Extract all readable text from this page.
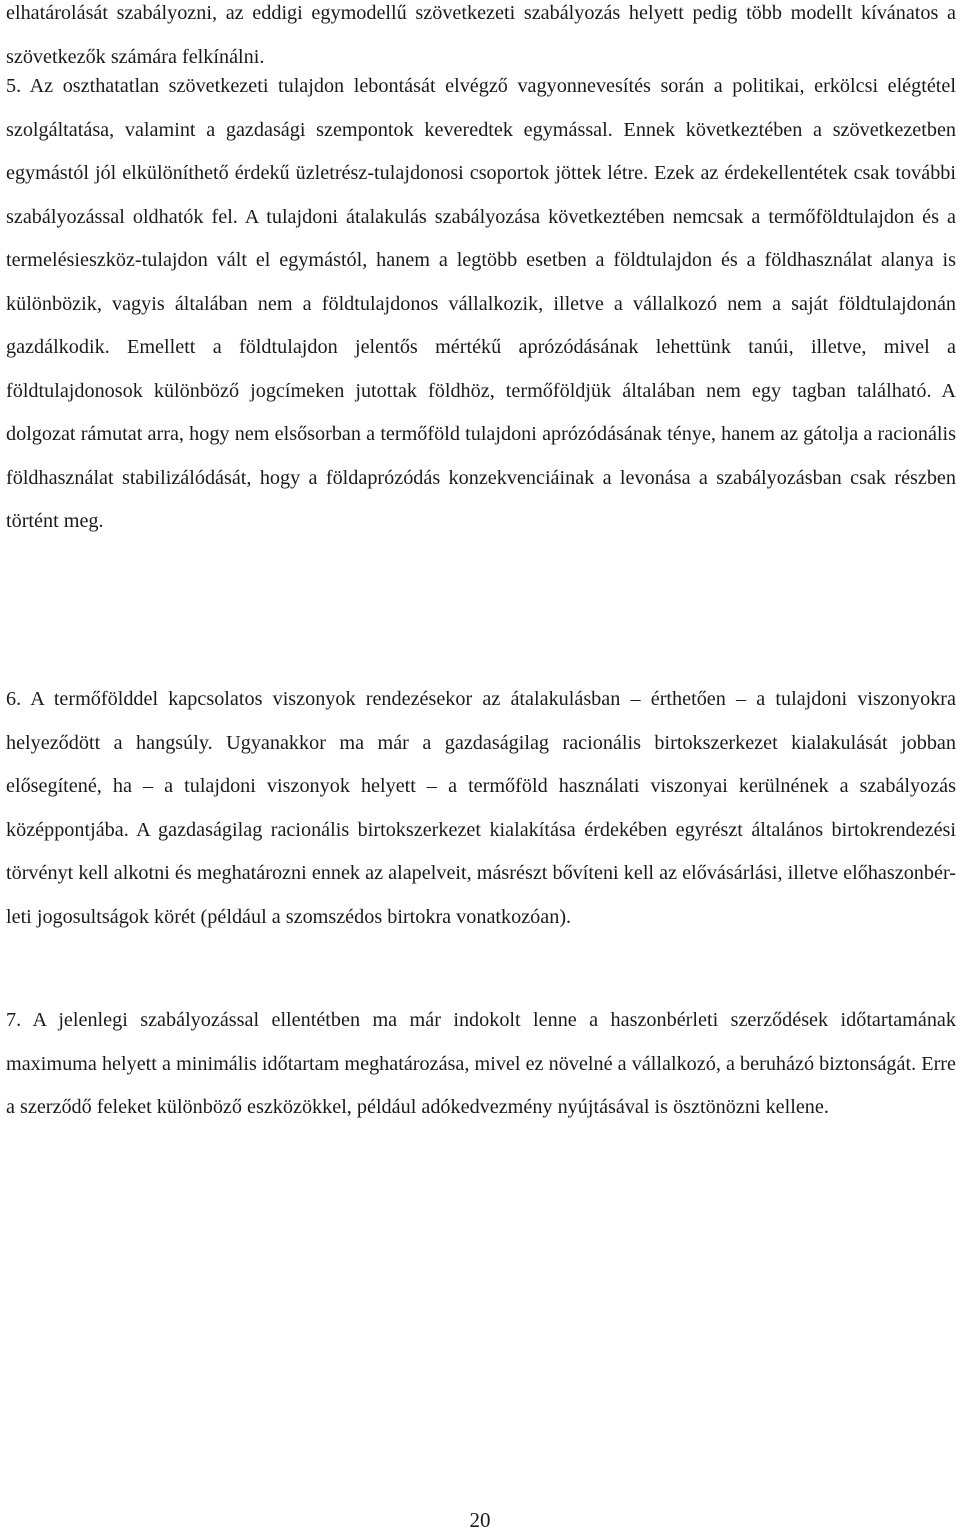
elhatárolását szabályozni, az eddigi egymodellű szövetkezeti szabályozás helyett pedig több modellt kívánatos a szövetkezők számára felkínálni.

5. Az oszthatatlan szövetkezeti tulajdon lebontását elvégző vagyonnevesítés során a politikai, erkölcsi elégtétel szolgáltatása, valamint a gazdasági szempontok keveredtek egymással. Ennek következtében a szövetkezetben egymástól jól elkülöníthető érdekű üzletrész-tulajdonosi csoportok jöttek létre. Ezek az érdekellentétek csak további szabályozással oldhatók fel. A tulajdoni átalakulás szabályozása következtében nemcsak a termőföldtulajdon és a termelésieszköz-tulajdon vált el egymástól, hanem a legtöbb esetben a földtulajdon és a földhasználat alanya is különbözik, vagyis általában nem a földtulajdonos vállalkozik, illetve a vállalkozó nem a saját földtulajdonán gazdálkodik. Emellett a földtulajdon jelentős mértékű aprózódásának lehettünk tanúi, illetve, mivel a földtulajdonosok különböző jogcímeken jutottak földhöz, termőföldjük általában nem egy tagban található. A dolgozat rámutat arra, hogy nem elsősorban a termőföld tulajdoni aprózódásának ténye, hanem az gátolja a racionális földhasználat stabilizálódását, hogy a földaprózódás konzekvenciáinak a levonása a szabályozásban csak részben történt meg.

6. A termőfölddel kapcsolatos viszonyok rendezésekor az átalakulásban – érthetően – a tulajdoni viszonyokra helyeződött a hangsúly. Ugyanakkor ma már a gazdaságilag racionális birtokszerkezet kialakulását jobban elősegítené, ha – a tulajdoni viszonyok helyett – a termőföld használati viszonyai kerülnének a szabályozás középpontjába. A gazdaságilag racionális birtokszerkezet kialakítása érdekében egyrészt általános birtokrendezési törvényt kell alkotni és meghatározni ennek az alapelveit, másrészt bővíteni kell az elővásárlási, illetve előhaszonbér-leti jogosultságok körét (például a szomszédos birtokra vonatkozóan).

7. A jelenlegi szabályozással ellentétben ma már indokolt lenne a haszonbérleti szerződések időtartamának maximuma helyett a minimális időtartam meghatározása, mivel ez növelné a vállalkozó, a beruházó biztonságát. Erre a szerződő feleket különböző eszközökkel, például adókedvezmény nyújtásával is ösztönözni kellene.

20
